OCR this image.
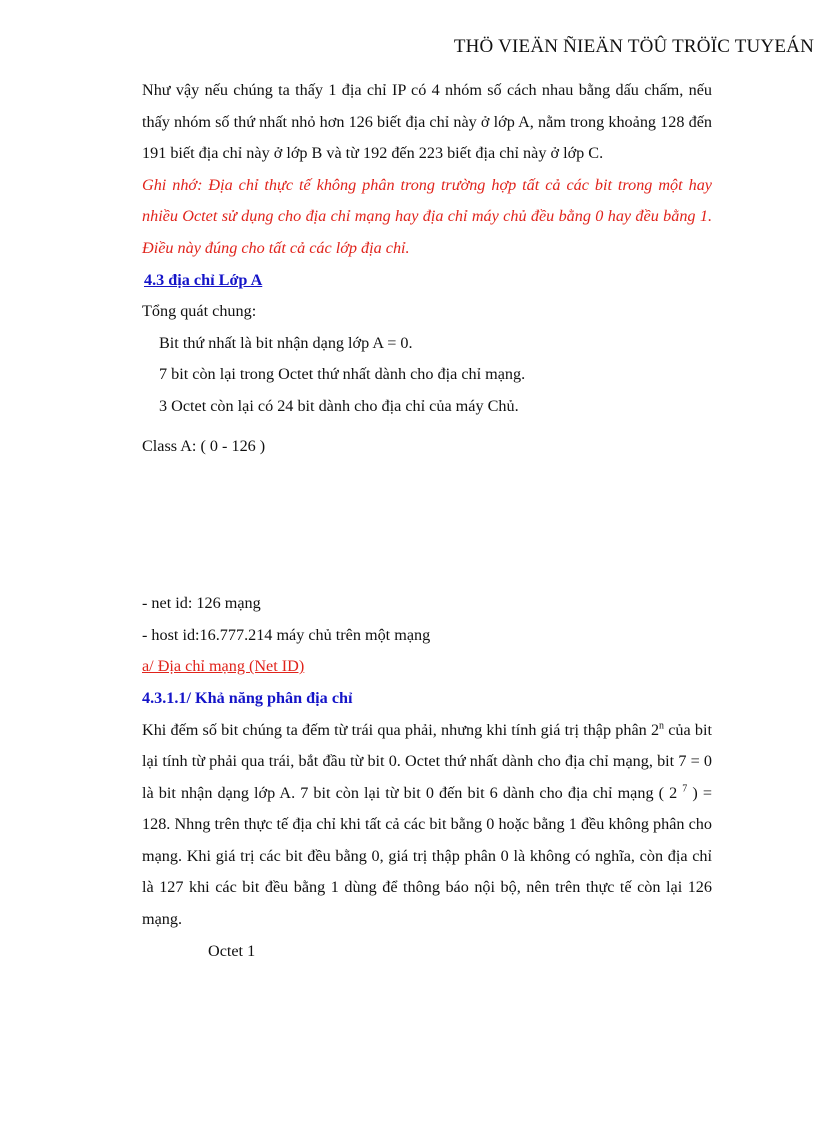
THÖ VIEÄN ÑIEÄN TÖÛ TRÖÏC TUYEÁN

Như vậy nếu chúng ta thấy 1 địa chỉ IP có 4 nhóm số cách nhau bằng dấu chấm, nếu thấy nhóm số thứ nhất nhỏ hơn 126 biết địa chỉ này ở lớp A, nằm trong khoảng 128 đến 191 biết địa chỉ này ở lớp B và từ 192 đến 223 biết địa chỉ này ở lớp C.

Ghi nhớ: Địa chỉ thực tế không phân trong trường hợp tất cả các bit trong một hay nhiều Octet sử dụng cho địa chỉ mạng hay địa chỉ máy chủ đều bằng 0 hay đều bằng 1. Điều này đúng cho tất cả các lớp địa chỉ.

4.3 địa chỉ Lớp A

Tổng quát chung:

Bit thứ nhất là bit nhận dạng lớp A = 0.

7 bit còn lại trong Octet thứ nhất dành cho địa chỉ mạng.

3 Octet còn lại có 24 bit dành cho địa chỉ của máy Chủ.

Class A: ( 0 - 126 )

- net id: 126 mạng

- host id:16.777.214 máy chủ trên một mạng

a/ Địa chỉ mạng (Net ID)

4.3.1.1/ Khả năng phân địa chỉ

Khi đếm số bit chúng ta đếm từ trái qua phải, nhưng khi tính giá trị thập phân 2$^n$ của bit lại tính từ phải qua trái, bắt đầu từ bit 0. Octet thứ nhất dành cho địa chỉ mạng, bit 7 = 0 là bit nhận dạng lớp A. 7 bit còn lại từ bit 0 đến bit 6 dành cho địa chỉ mạng ( 2 $^7$ ) = 128. Nhng trên thực tế địa chỉ khi tất cả các bit bằng 0 hoặc bằng 1 đều không phân cho mạng. Khi giá trị các bit đều bằng 0, giá trị thập phân 0 là không có nghĩa, còn địa chỉ là 127 khi các bit đều bằng 1 dùng để thông báo nội bộ, nên trên thực tế còn lại 126 mạng.

Octet 1
